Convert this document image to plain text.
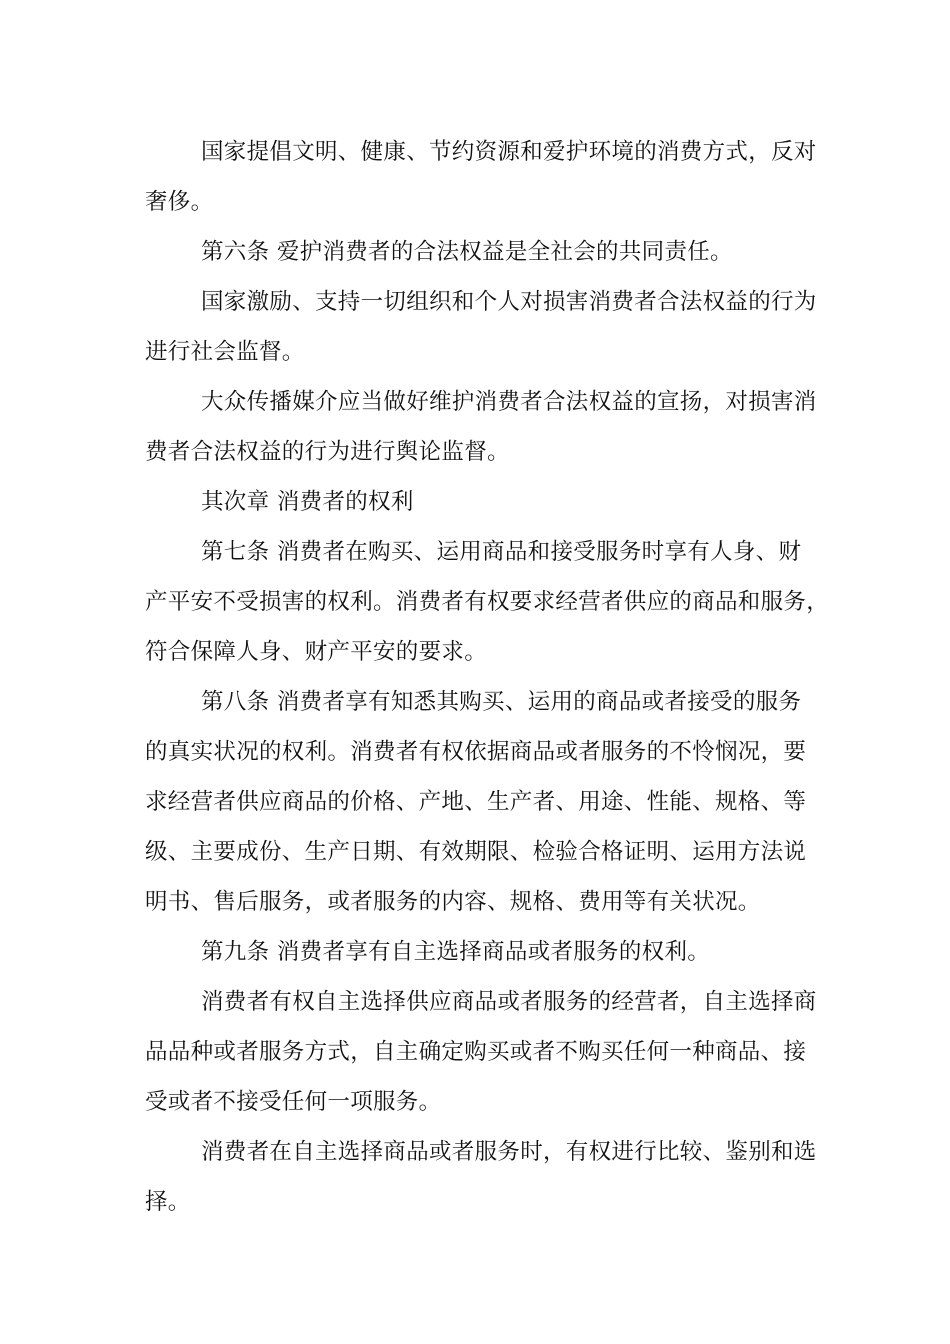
国家提倡文明、健康、节约资源和爱护环境的消费方式，反对
奢侈。
第六条 爱护消费者的合法权益是全社会的共同责任。
国家激励、支持一切组织和个人对损害消费者合法权益的行为
进行社会监督。
大众传播媒介应当做好维护消费者合法权益的宣扬，对损害消
费者合法权益的行为进行舆论监督。
其次章 消费者的权利
第七条 消费者在购买、运用商品和接受服务时享有人身、财
产平安不受损害的权利。消费者有权要求经营者供应的商品和服务，
符合保障人身、财产平安的要求。
第八条 消费者享有知悉其购买、运用的商品或者接受的服务
的真实状况的权利。消费者有权依据商品或者服务的不怜悯况，要
求经营者供应商品的价格、产地、生产者、用途、性能、规格、等
级、主要成份、生产日期、有效期限、检验合格证明、运用方法说
明书、售后服务，或者服务的内容、规格、费用等有关状况。
第九条 消费者享有自主选择商品或者服务的权利。
消费者有权自主选择供应商品或者服务的经营者，自主选择商
品品种或者服务方式，自主确定购买或者不购买任何一种商品、接
受或者不接受任何一项服务。
消费者在自主选择商品或者服务时，有权进行比较、鉴别和选
择。
